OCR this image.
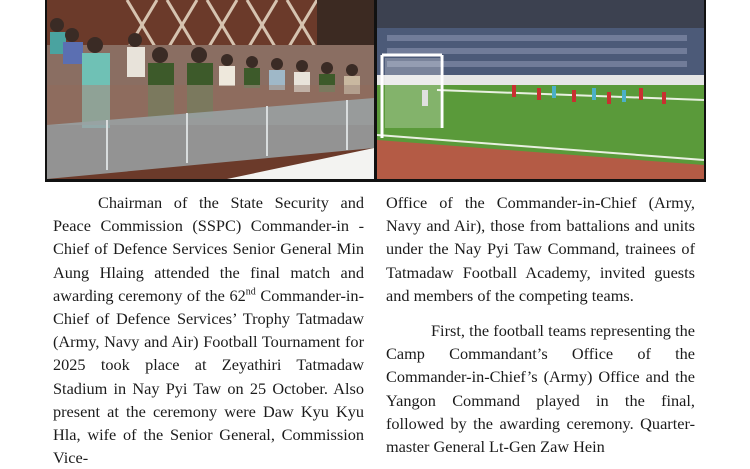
Chairman of the State Security and Peace Commission (SSPC) Commander-in -Chief of Defence Services Senior General Min Aung Hlaing attended the final match and awarding ceremony of the 62nd Commander-in-Chief of Defence Services’ Trophy Tatmadaw (Army, Navy and Air) Football Tournament for 2025 took place at Zeyathiri Tatmadaw Stadium in Nay Pyi Taw on 25 October. Also present at the ceremony were Daw Kyu Kyu Hla, wife of the Senior General, Commission Vice-

Office of the Commander-in-Chief (Army, Navy and Air), those from battalions and units under the Nay Pyi Taw Command, trainees of Tatmadaw Football Academy, invited guests and members of the competing teams.

First, the football teams representing the Camp Commandant’s Office of the Commander-in-Chief’s (Army) Office and the Yangon Command played in the final, followed by the awarding ceremony. Quarter-master General Lt-Gen Zaw Hein
